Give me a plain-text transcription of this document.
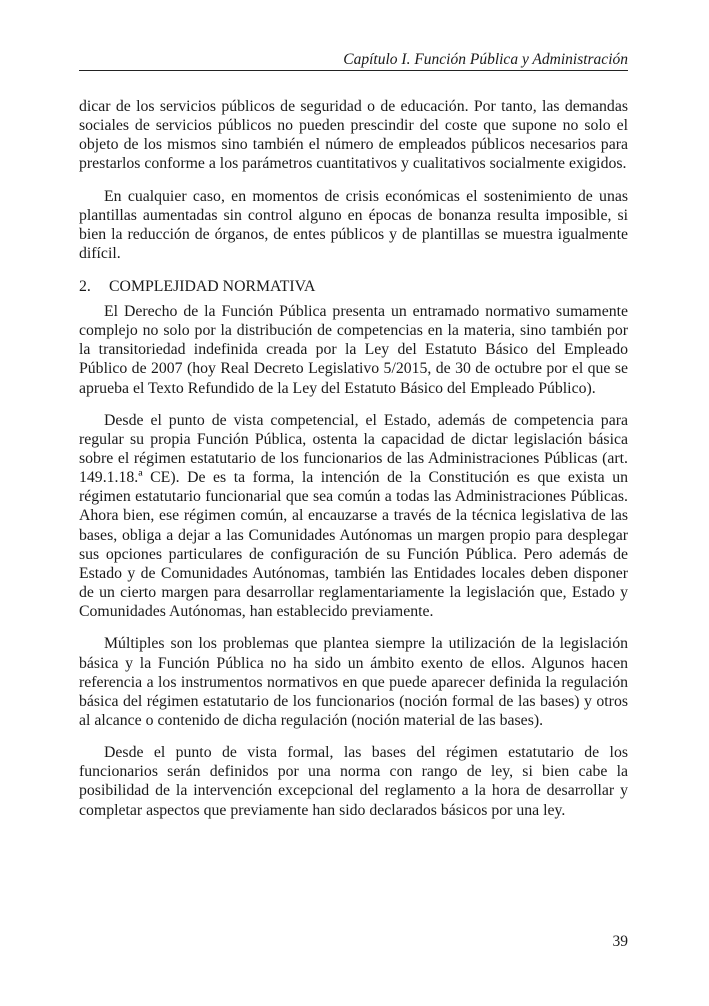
Capítulo I. Función Pública y Administración

dicar de los servicios públicos de seguridad o de educación. Por tanto, las demandas sociales de servicios públicos no pueden prescindir del coste que supone no solo el objeto de los mismos sino también el número de empleados públicos necesarios para prestarlos conforme a los parámetros cuantitativos y cualitativos socialmente exigidos.

En cualquier caso, en momentos de crisis económicas el sostenimiento de unas plantillas aumentadas sin control alguno en épocas de bonanza resulta imposible, si bien la reducción de órganos, de entes públicos y de plantillas se muestra igualmente difícil.

2. COMPLEJIDAD NORMATIVA

El Derecho de la Función Pública presenta un entramado normativo sumamente complejo no solo por la distribución de competencias en la materia, sino también por la transitoriedad indefinida creada por la Ley del Estatuto Básico del Empleado Público de 2007 (hoy Real Decreto Legislativo 5/2015, de 30 de octubre por el que se aprueba el Texto Refundido de la Ley del Estatuto Básico del Empleado Público).

Desde el punto de vista competencial, el Estado, además de competencia para regular su propia Función Pública, ostenta la capacidad de dictar legislación básica sobre el régimen estatutario de los funcionarios de las Administraciones Públicas (art. 149.1.18.ª CE). De es ta forma, la intención de la Constitución es que exista un régimen estatutario funcionarial que sea común a todas las Administraciones Públicas. Ahora bien, ese régimen común, al encauzarse a través de la técnica legislativa de las bases, obliga a dejar a las Comunidades Autónomas un margen propio para desplegar sus opciones particulares de configuración de su Función Pública. Pero además de Estado y de Comunidades Autónomas, también las Entidades locales deben disponer de un cierto margen para desarrollar reglamentariamente la legislación que, Estado y Comunidades Autónomas, han establecido previamente.

Múltiples son los problemas que plantea siempre la utilización de la legislación básica y la Función Pública no ha sido un ámbito exento de ellos. Algunos hacen referencia a los instrumentos normativos en que puede aparecer definida la regulación básica del régimen estatutario de los funcionarios (noción formal de las bases) y otros al alcance o contenido de dicha regulación (noción material de las bases).

Desde el punto de vista formal, las bases del régimen estatutario de los funcionarios serán definidos por una norma con rango de ley, si bien cabe la posibilidad de la intervención excepcional del reglamento a la hora de desarrollar y completar aspectos que previamente han sido declarados básicos por una ley.

39
